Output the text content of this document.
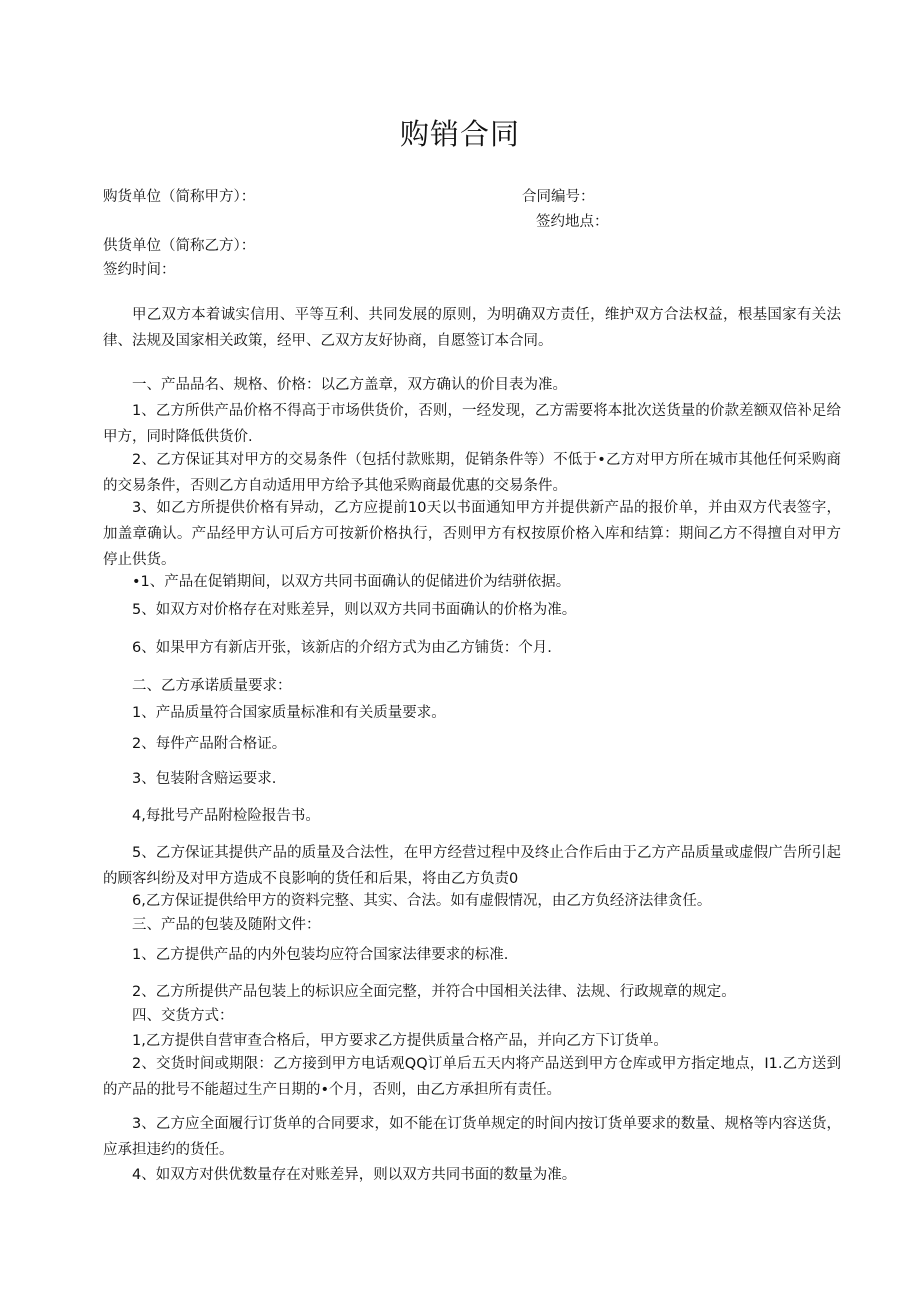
购销合同
购货单位（简称甲方）：	合同编号：
签约地点：
供货单位（简称乙方）：
签约时间：
甲乙双方本着诚实信用、平等互利、共同发展的原则，为明确双方责任，维护双方合法权益，根基国家有关法律、法规及国家相关政策，经甲、乙双方友好协商，自愿签订本合同。
一、产品品名、规格、价格：以乙方盖章，双方确认的价目表为准。
1、乙方所供产品价格不得高于市场供货价，否则，一经发现，乙方需要将本批次送货量的价款差额双倍补足给甲方，同时降低供货价.
2、乙方保证其对甲方的交易条件（包括付款账期，促销条件等）不低于•乙方对甲方所在城市其他任何采购商的交易条件，否则乙方自动适用甲方给予其他采购商最优惠的交易条件。
3、如乙方所提供价格有异动，乙方应提前10天以书面通知甲方并提供新产品的报价单，并由双方代表签字，加盖章确认。产品经甲方认可后方可按新价格执行，否则甲方有权按原价格入库和结算：期间乙方不得擅自对甲方停止供货。
•1、产品在促销期间，以双方共同书面确认的促储进价为结骈依据。
5、如双方对价格存在对账差异，则以双方共同书面确认的价格为准。
6、如果甲方有新店开张，该新店的介绍方式为由乙方铺货：个月.
二、乙方承诺质量要求：
1、产品质量符合国家质量标准和有关质量要求。
2、每件产品附合格证。
3、包装附含赔运要求.
4,每批号产品附检险报告书。
5、乙方保证其提供产品的质量及合法性，在甲方经营过程中及终止合作后由于乙方产品质量或虚假广告所引起的顾客纠纷及对甲方造成不良影响的货任和后果，将由乙方负责0
6,乙方保证提供给甲方的资料完整、其实、合法。如有虚假情况，由乙方负经济法律贪任。
三、产品的包装及随附文件：
1、乙方提供产品的内外包装均应符合国家法律要求的标准.
2、乙方所提供产品包装上的标识应全面完整，并符合中国相关法律、法规、行政规章的规定。
四、交货方式：
1,乙方提供自营审查合格后，甲方要求乙方提供质量合格产品，并向乙方下订货单。
2、交货时间或期限：乙方接到甲方电话观QQ订单后五天内将产品送到甲方仓库或甲方指定地点，I1.乙方送到的产品的批号不能超过生产日期的•个月，否则，由乙方承担所有责任。
3、乙方应全面履行订货单的合同要求，如不能在订货单规定的时间内按订货单要求的数量、规格等内容送货，应承担违约的货任。
4、如双方对供优数量存在对账差异，则以双方共同书面的数量为准。
